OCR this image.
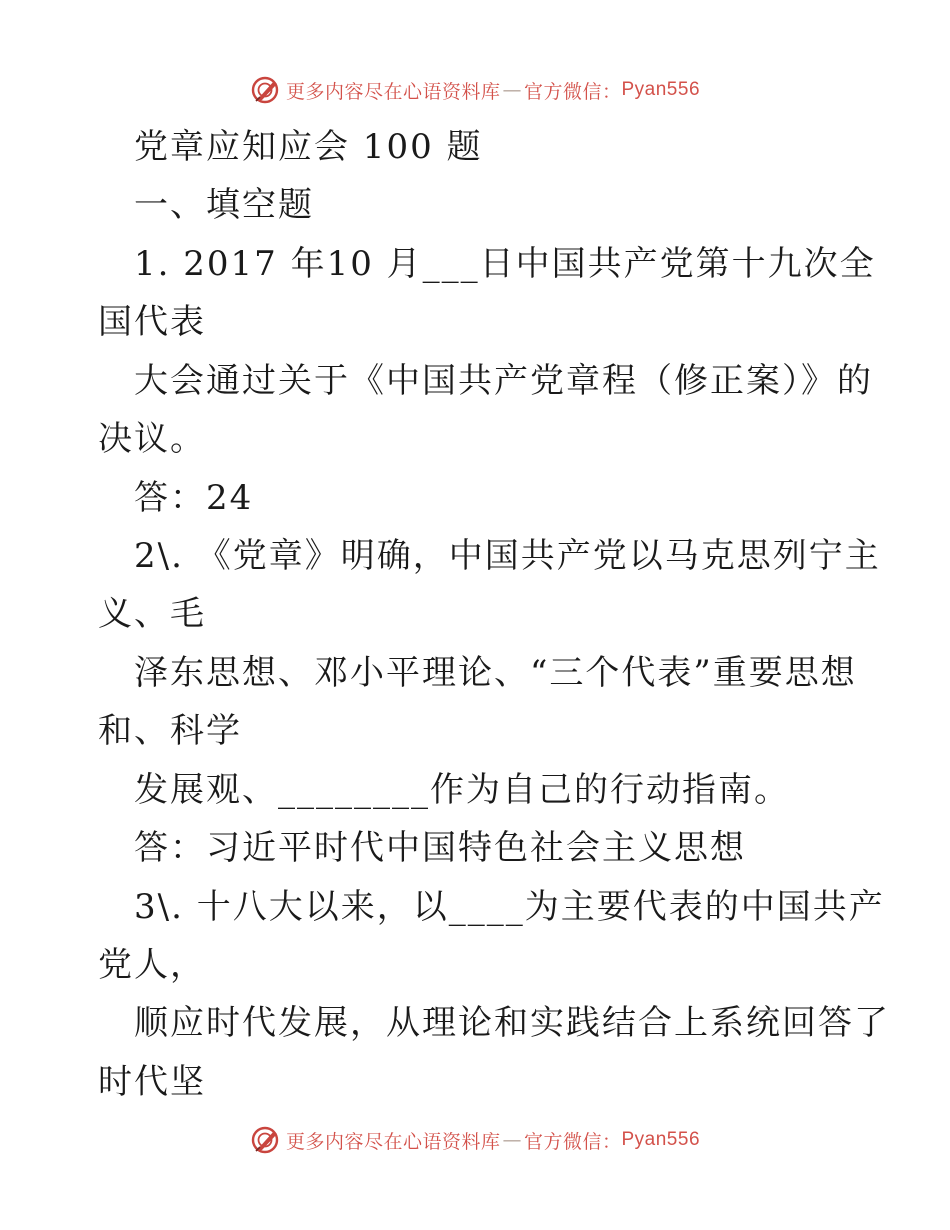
更多内容尽在心语资料库 — 官方微信： Pyan556
党章应知应会 100 题
一、填空题
1. 2017 年10 月___日中国共产党第十九次全
国代表
大会通过关于《中国共产党章程（修正案）》的
决议。
答：24
2\. 《党章》明确，中国共产党以马克思列宁主
义、毛
泽东思想、邓小平理论、“三个代表”重要思想
和、科学
发展观、________作为自己的行动指南。
答：习近平时代中国特色社会主义思想
3\. 十八大以来，以____为主要代表的中国共产
党人，
顺应时代发展，从理论和实践结合上系统回答了
时代坚
更多内容尽在心语资料库 — 官方微信： Pyan556
